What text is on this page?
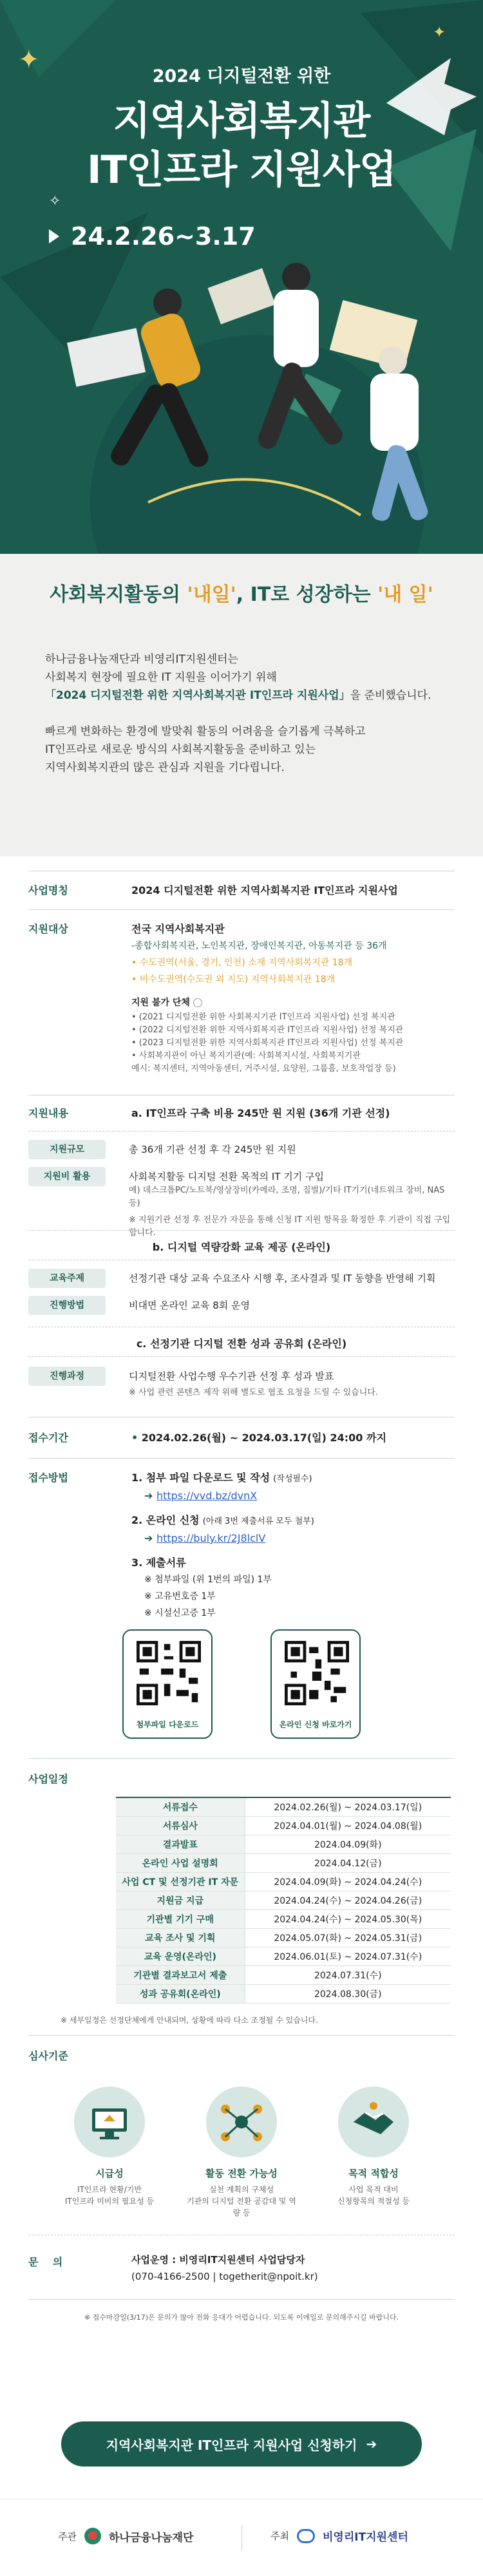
✦
✦
✧
2024 디지털전환 위한
지역사회복지관
IT인프라 지원사업
24.2.26~3.17
사회복지활동의 '내일', IT로 성장하는 '내 일'

하나금융나눔재단과 비영리IT지원센터는
사회복지 현장에 필요한 IT 지원을 이어가기 위해
「2024 디지털전환 위한 지역사회복지관 IT인프라 지원사업」을 준비했습니다.

빠르게 변화하는 환경에 발맞춰 활동의 어려움을 슬기롭게 극복하고
IT인프라로 새로운 방식의 사회복지활동을 준비하고 있는
지역사회복지관의 많은 관심과 지원을 기다립니다.

사업명칭	2024 디지털전환 위한 지역사회복지관 IT인프라 지원사업
지원대상	전국 지역사회복지관
-종합사회복지관, 노인복지관, 장애인복지관, 아동복지관 등 36개
• 수도권역(서울, 경기, 인천) 소재 지역사회복지관 18개
• 비수도권역(수도권 외 지도) 지역사회복지관 18개
지원 불가 단체
• (2021 디지털전환 위한 사회복지기관 IT인프라 지원사업) 선정 복지관
• (2022 디지털전환 위한 지역사회복지관 IT인프라 지원사업) 선정 복지관
• (2023 디지털전환 위한 지역사회복지관 IT인프라 지원사업) 선정 복지관
• 사회복지관이 아닌 복지기관(예: 사회복지시설, 사회복지기관
예시: 복지센터, 지역아동센터, 거주시설, 요양원, 그룹홈, 보호작업장 등)
지원내용	a. IT인프라 구축 비용 245만 원 지원 (36개 기관 선정)
지원규모	총 36개 기관 선정 후 각 245만 원 지원
지원비 활용	사회복지활동 디지털 전환 목적의 IT 기기 구입
예) 데스크톱PC/노트북/영상장비(카메라, 조명, 짐벌)/기타 IT기기(네트워크 장비, NAS 등)
※ 지원기관 선정 후 전문가 자문을 통해 신청 IT 지원 항목을 확정한 후 기관이 직접 구입합니다.
b. 디지털 역량강화 교육 제공 (온라인)
교육주제	선정기관 대상 교육 수요조사 시행 후, 조사결과 및 IT 동향을 반영해 기획
진행방법	비대면 온라인 교육 8회 운영
c. 선정기관 디지털 전환 성과 공유회 (온라인)
진행과정	디지털전환 사업수행 우수기관 선정 후 성과 발표
※ 사업 관련 콘텐츠 제작 위해 별도로 협조 요청을 드릴 수 있습니다.
접수기간	• 2024.02.26(월) ~ 2024.03.17(일) 24:00 까지
접수방법	1. 첨부 파일 다운로드 및 작성 (작성필수)
➔ https://vvd.bz/dvnX
2. 온라인 신청 (아래 3번 제출서류 모두 첨부)
➔ https://buly.kr/2J8lclV
3. 제출서류
※ 첨부파일 (위 1번의 파일) 1부
※ 고유번호증 1부
※ 시설신고증 1부
첨부파일 다운로드	온라인 신청 바로가기
사업일정
서류접수	2024.02.26(월) ~ 2024.03.17(일)
서류심사	2024.04.01(월) ~ 2024.04.08(월)
결과발표	2024.04.09(화)
온라인 사업 설명회	2024.04.12(금)
사업 CT 및 선정기관 IT 자문	2024.04.09(화) ~ 2024.04.24(수)
지원금 지급	2024.04.24(수) ~ 2024.04.26(금)
기관별 기기 구매	2024.04.24(수) ~ 2024.05.30(목)
교육 조사 및 기획	2024.05.07(화) ~ 2024.05.31(금)
교육 운영(온라인)	2024.06.01(토) ~ 2024.07.31(수)
기관별 결과보고서 제출	2024.07.31(수)
성과 공유회(온라인)	2024.08.30(금)
※ 세부일정은 선정단체에게 안내되며, 상황에 따라 다소 조정될 수 있습니다.
심사기준
시급성
IT인프라 현황/기반
IT인프라 미비의 필요성 등
활동 전환 가능성
실천 계획의 구체성
기관의 디지털 전환 공감대 및 역량 등
목적 적합성
사업 목적 대비
신청항목의 적절성 등
문    의	사업운영 : 비영리IT지원센터 사업담당자
(070-4166-2500 | togetherit@npoit.kr)
※ 접수마감일(3/17)은 문의가 많아 전화 응대가 어렵습니다. 되도록 이메일로 문의해주시길 바랍니다.
지역사회복지관 IT인프라 지원사업 신청하기 ➔
주관	하나금융나눔재단	주최	비영리IT지원센터
